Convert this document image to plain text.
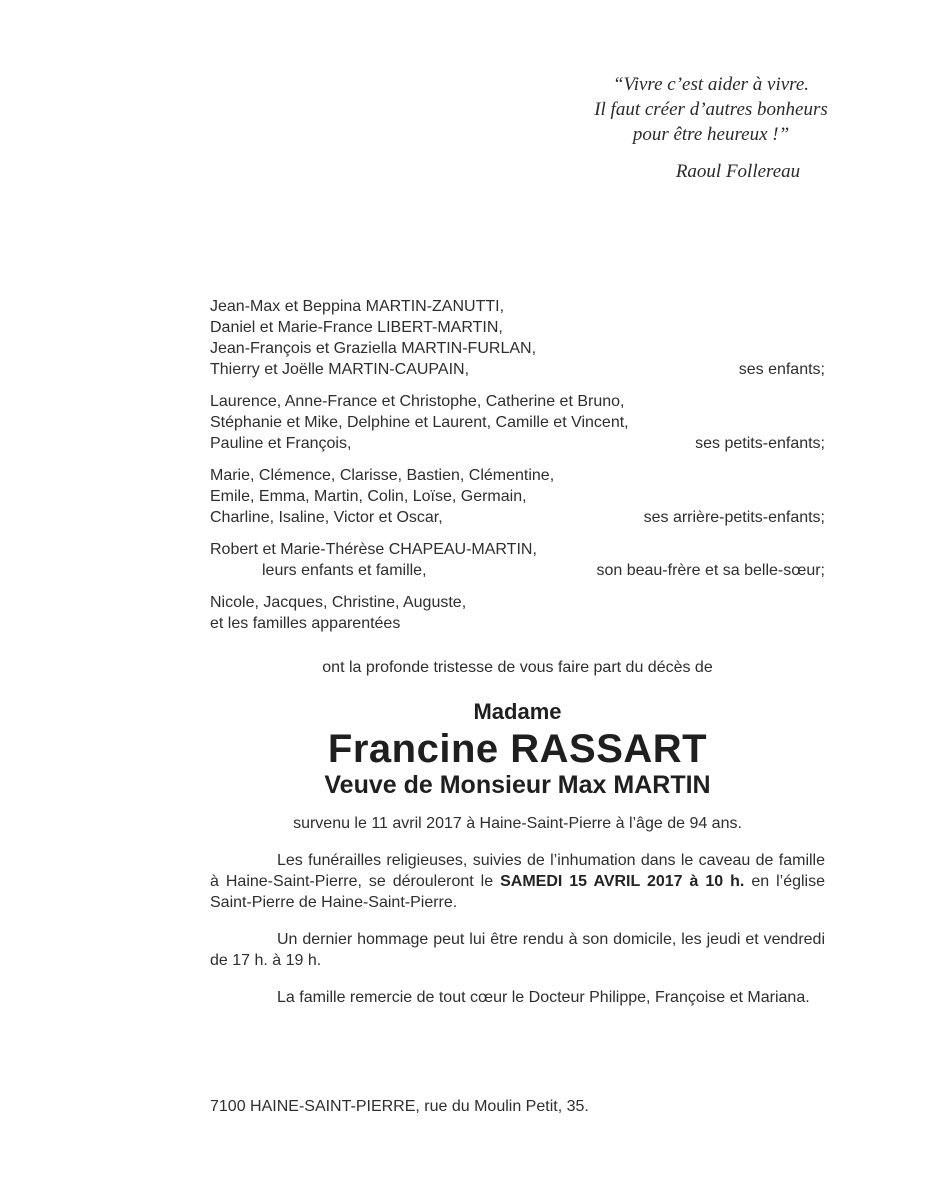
“Vivre c’est aider à vivre.
Il faut créer d’autres bonheurs
pour être heureux !”
Raoul Follereau
Jean-Max et Beppina MARTIN-ZANUTTI,
Daniel et Marie-France LIBERT-MARTIN,
Jean-François et Graziella MARTIN-FURLAN,
Thierry et Joëlle MARTIN-CAUPAIN,	ses enfants;
Laurence, Anne-France et Christophe, Catherine et Bruno,
Stéphanie et Mike, Delphine et Laurent, Camille et Vincent,
Pauline et François,	ses petits-enfants;
Marie, Clémence, Clarisse, Bastien, Clémentine,
Emile, Emma, Martin, Colin, Loïse, Germain,
Charline, Isaline, Victor et Oscar,	ses arrière-petits-enfants;
Robert et Marie-Thérèse CHAPEAU-MARTIN,
leurs enfants et famille,	son beau-frère et sa belle-sœur;
Nicole, Jacques, Christine, Auguste,
et les familles apparentées
ont la profonde tristesse de vous faire part du décès de
Madame
Francine RASSART
Veuve de Monsieur Max MARTIN
survenu le 11 avril 2017 à Haine-Saint-Pierre à l’âge de 94 ans.

Les funérailles religieuses, suivies de l’inhumation dans le caveau de famille à Haine-Saint-Pierre, se dérouleront le SAMEDI 15 AVRIL 2017 à 10 h. en l’église Saint-Pierre de Haine-Saint-Pierre.

Un dernier hommage peut lui être rendu à son domicile, les jeudi et vendredi de 17 h. à 19 h.

La famille remercie de tout cœur le Docteur Philippe, Françoise et Mariana.

7100 HAINE-SAINT-PIERRE, rue du Moulin Petit, 35.
